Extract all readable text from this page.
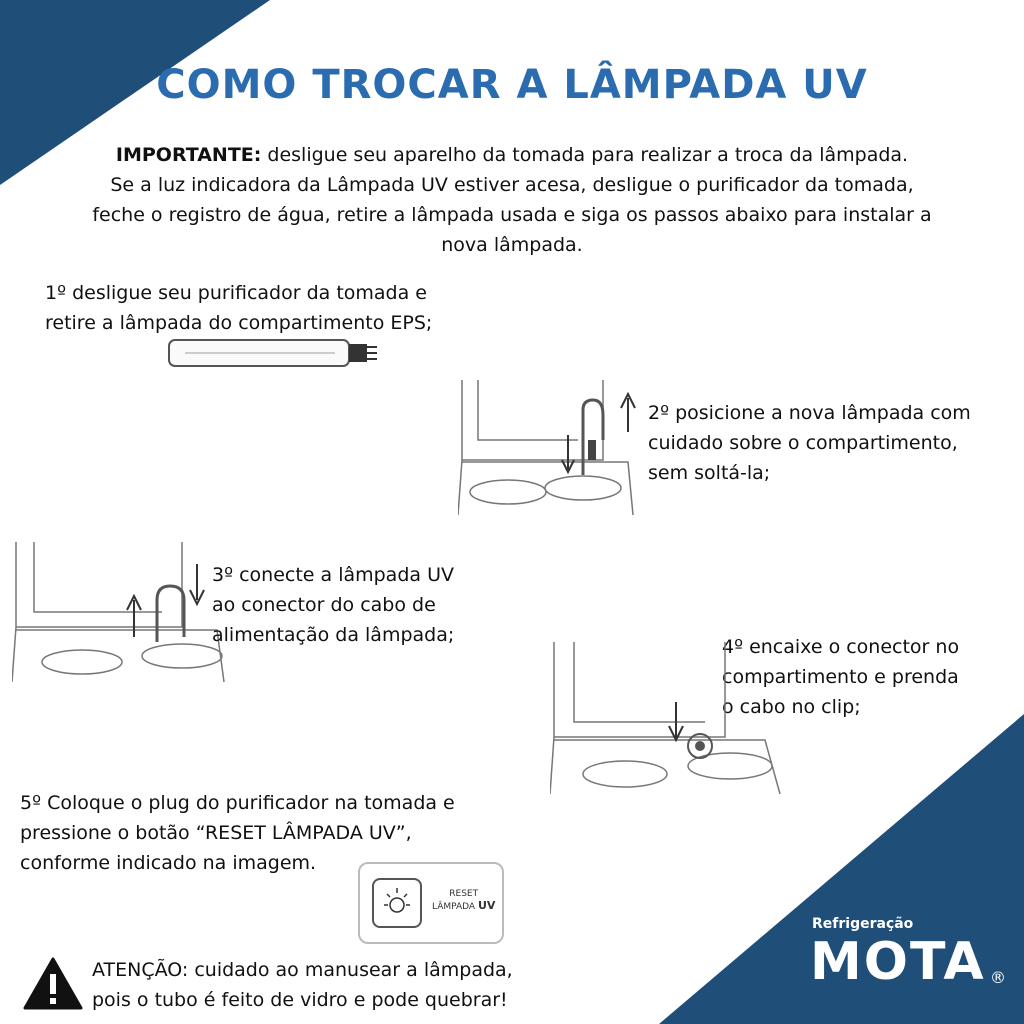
COMO TROCAR A LÂMPADA UV
IMPORTANTE: desligue seu aparelho da tomada para realizar a troca da lâmpada.
Se a luz indicadora da Lâmpada UV estiver acesa, desligue o purificador da tomada,
feche o registro de água, retire a lâmpada usada e siga os passos abaixo para instalar a
nova lâmpada.
1º desligue seu purificador da tomada e
retire a lâmpada do compartimento EPS;
2º posicione a nova lâmpada com
cuidado sobre o compartimento,
sem soltá-la;
3º conecte a lâmpada UV
ao conector do cabo de
alimentação da lâmpada;
4º encaixe o conector no
compartimento e prenda
o cabo no clip;
5º Coloque o plug do purificador na tomada e
pressione o botão “RESET LÂMPADA UV”,
conforme indicado na imagem.
RESET
LÂMPADA UV
ATENÇÃO: cuidado ao manusear a lâmpada,
pois o tubo é feito de vidro e pode quebrar!
Refrigeração
MOTA ®
